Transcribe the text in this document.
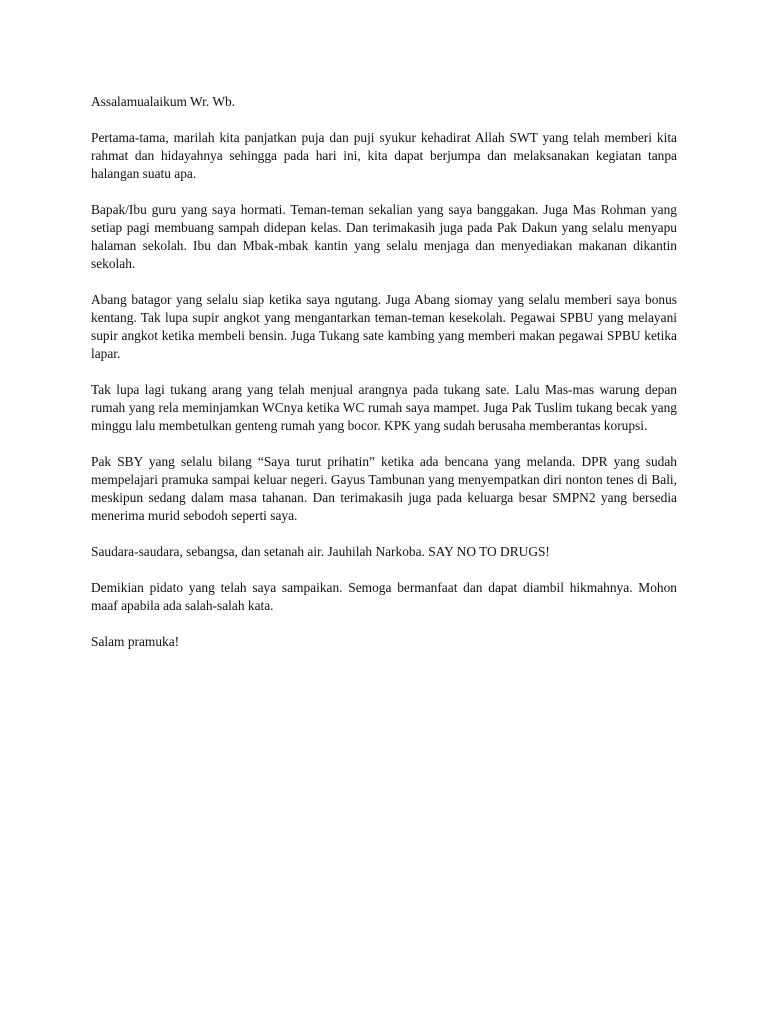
Assalamualaikum Wr. Wb.

Pertama-tama, marilah kita panjatkan puja dan puji syukur kehadirat Allah SWT yang telah memberi kita rahmat dan hidayahnya sehingga pada hari ini, kita dapat berjumpa dan melaksanakan kegiatan tanpa halangan suatu apa.

Bapak/Ibu guru yang saya hormati. Teman-teman sekalian yang saya banggakan. Juga Mas Rohman yang setiap pagi membuang sampah didepan kelas. Dan terimakasih juga pada Pak Dakun yang selalu menyapu halaman sekolah. Ibu dan Mbak-mbak kantin yang selalu menjaga dan menyediakan makanan dikantin sekolah.

Abang batagor yang selalu siap ketika saya ngutang. Juga Abang siomay yang selalu memberi saya bonus kentang. Tak lupa supir angkot yang mengantarkan teman-teman kesekolah. Pegawai SPBU yang melayani supir angkot ketika membeli bensin. Juga Tukang sate kambing yang memberi makan pegawai SPBU ketika lapar.

Tak lupa lagi tukang arang yang telah menjual arangnya pada tukang sate. Lalu Mas-mas warung depan rumah yang rela meminjamkan WCnya ketika WC rumah saya mampet. Juga Pak Tuslim tukang becak yang minggu lalu membetulkan genteng rumah yang bocor. KPK yang sudah berusaha memberantas korupsi.

Pak SBY yang selalu bilang “Saya turut prihatin” ketika ada bencana yang melanda. DPR yang sudah mempelajari pramuka sampai keluar negeri. Gayus Tambunan yang menyempatkan diri nonton tenes di Bali, meskipun sedang dalam masa tahanan. Dan terimakasih juga pada keluarga besar SMPN2 yang bersedia menerima murid sebodoh seperti saya.

Saudara-saudara, sebangsa, dan setanah air. Jauhilah Narkoba. SAY NO TO DRUGS!

Demikian pidato yang telah saya sampaikan. Semoga bermanfaat dan dapat diambil hikmahnya. Mohon maaf apabila ada salah-salah kata.

Salam pramuka!
